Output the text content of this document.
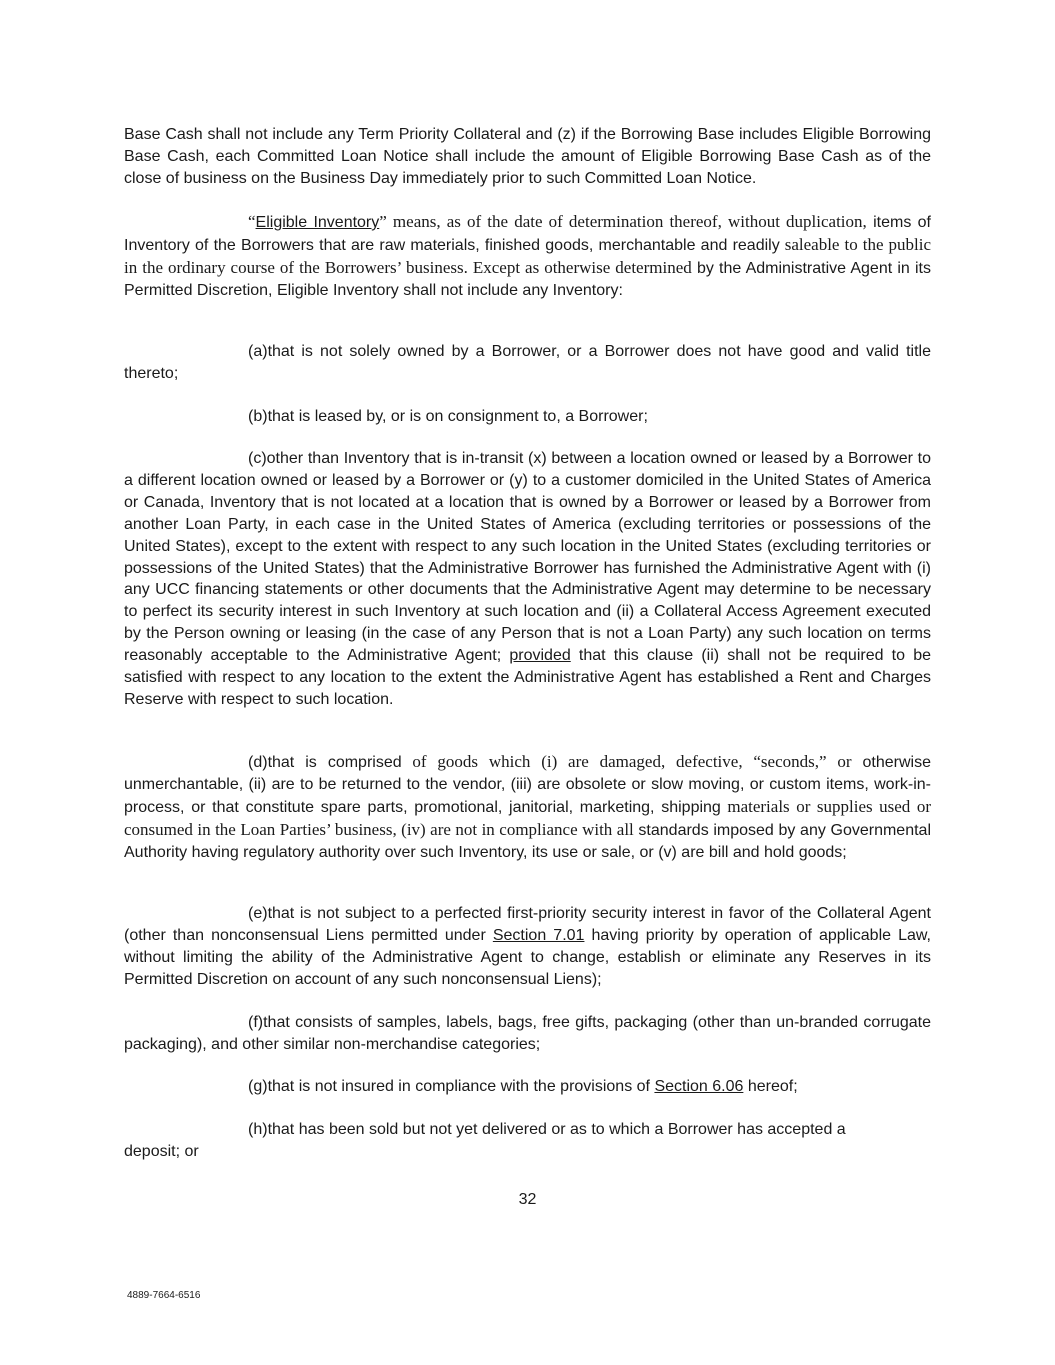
Base Cash shall not include any Term Priority Collateral and (z) if the Borrowing Base includes Eligible Borrowing Base Cash, each Committed Loan Notice shall include the amount of Eligible Borrowing Base Cash as of the close of business on the Business Day immediately prior to such Committed Loan Notice.

“Eligible Inventory” means, as of the date of determination thereof, without duplication, items of Inventory of the Borrowers that are raw materials, finished goods, merchantable and readily saleable to the public in the ordinary course of the Borrowers’ business. Except as otherwise determined by the Administrative Agent in its Permitted Discretion, Eligible Inventory shall not include any Inventory:

(a)that is not solely owned by a Borrower, or a Borrower does not have good and valid title thereto;

(b)that is leased by, or is on consignment to, a Borrower;

(c)other than Inventory that is in-transit (x) between a location owned or leased by a Borrower to a different location owned or leased by a Borrower or (y) to a customer domiciled in the United States of America or Canada, Inventory that is not located at a location that is owned by a Borrower or leased by a Borrower from another Loan Party, in each case in the United States of America (excluding territories or possessions of the United States), except to the extent with respect to any such location in the United States (excluding territories or possessions of the United States) that the Administrative Borrower has furnished the Administrative Agent with (i) any UCC financing statements or other documents that the Administrative Agent may determine to be necessary to perfect its security interest in such Inventory at such location and (ii) a Collateral Access Agreement executed by the Person owning or leasing (in the case of any Person that is not a Loan Party) any such location on terms reasonably acceptable to the Administrative Agent; provided that this clause (ii) shall not be required to be satisfied with respect to any location to the extent the Administrative Agent has established a Rent and Charges Reserve with respect to such location.

(d)that is comprised of goods which (i) are damaged, defective, “seconds,” or otherwise unmerchantable, (ii) are to be returned to the vendor, (iii) are obsolete or slow moving, or custom items, work-in-process, or that constitute spare parts, promotional, janitorial, marketing, shipping materials or supplies used or consumed in the Loan Parties’ business, (iv) are not in compliance with all standards imposed by any Governmental Authority having regulatory authority over such Inventory, its use or sale, or (v) are bill and hold goods;

(e)that is not subject to a perfected first-priority security interest in favor of the Collateral Agent (other than nonconsensual Liens permitted under Section 7.01 having priority by operation of applicable Law, without limiting the ability of the Administrative Agent to change, establish or eliminate any Reserves in its Permitted Discretion on account of any such nonconsensual Liens);

(f)that consists of samples, labels, bags, free gifts, packaging (other than un-branded corrugate packaging), and other similar non-merchandise categories;

(g)that is not insured in compliance with the provisions of Section 6.06 hereof;

(h)that has been sold but not yet delivered or as to which a Borrower has accepted a

deposit; or

32
4889-7664-6516
